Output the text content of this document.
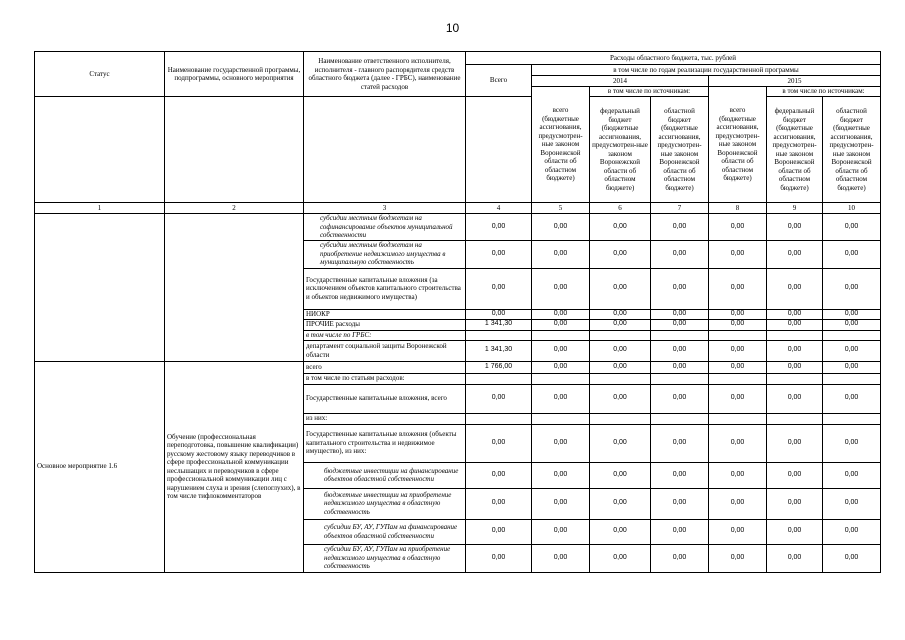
10
Статус	Наименование государственной программы, подпрограммы, основного мероприятия	Наименование ответственного исполнителя, исполнителя - главного распорядителя средств областного бюджета (далее - ГРБС), наименование статей расходов	Расходы областного бюджета, тыс. рублей						
			Всего	в том числе по годам реализации государственной программы					
				2014			2015		
				всего (бюджетные ассигнования, предусмотрен-ные законом Воронежской области об областном бюджете)	в том числе по источникам:		всего (бюджетные ассигнования, предусмотрен-ные законом Воронежской области об областном бюджете)	в том числе по источникам:	
					федеральный бюджет (бюджетные ассигнования, предусмотрен-ные законом Воронежской области об областном бюджете)	областной бюджет (бюджетные ассигнования, предусмотрен-ные законом Воронежской области об областном бюджете)		федеральный бюджет (бюджетные ассигнования, предусмотрен-ные законом Воронежской области об областном бюджете)	областной бюджет (бюджетные ассигнования, предусмотрен-ные законом Воронежской области об областном бюджете)
1	2	3	4	5	6	7	8	9	10
		субсидии местным бюджетам на софинансирование объектов муниципальной собственности	0,00	0,00	0,00	0,00	0,00	0,00	0,00
		субсидии местным бюджетам на приобретение недвижимого имущества в муниципальную собственность	0,00	0,00	0,00	0,00	0,00	0,00	0,00
		Государственные капитальные вложения (за исключением объектов капитального строительства и объектов недвижимого имущества)	0,00	0,00	0,00	0,00	0,00	0,00	0,00
		НИОКР	0,00	0,00	0,00	0,00	0,00	0,00	0,00
		ПРОЧИЕ расходы	1 341,30	0,00	0,00	0,00	0,00	0,00	0,00
		в том числе по ГРБС:							
		департамент социальной защиты Воронежской области	1 341,30	0,00	0,00	0,00	0,00	0,00	0,00
Основное мероприятие 1.6	Обучение (профессиональная переподготовка, повышение квалификации) русскому жестовому языку переводчиков в сфере профессиональной коммуникации неслышащих и переводчиков в сфере профессиональной коммуникации лиц с нарушением слуха и зрения (слепоглухих), в том числе тифлокомментаторов	всего	1 766,00	0,00	0,00	0,00	0,00	0,00	0,00
		в том числе по статьям расходов:							
		Государственные капитальные вложения, всего	0,00	0,00	0,00	0,00	0,00	0,00	0,00
		из них:							
		Государственные капитальные вложения (объекты капитального строительства и недвижимое имущество), из них:	0,00	0,00	0,00	0,00	0,00	0,00	0,00
		бюджетные инвестиции на финансирование объектов областной собственности	0,00	0,00	0,00	0,00	0,00	0,00	0,00
		бюджетные инвестиции на приобретение недвижимого имущества в областную собственность	0,00	0,00	0,00	0,00	0,00	0,00	0,00
		субсидии БУ, АУ, ГУПам на финансирование объектов областной собственности	0,00	0,00	0,00	0,00	0,00	0,00	0,00
		субсидии БУ, АУ, ГУПам на приобретение недвижимого имущества в областную собственность	0,00	0,00	0,00	0,00	0,00	0,00	0,00
